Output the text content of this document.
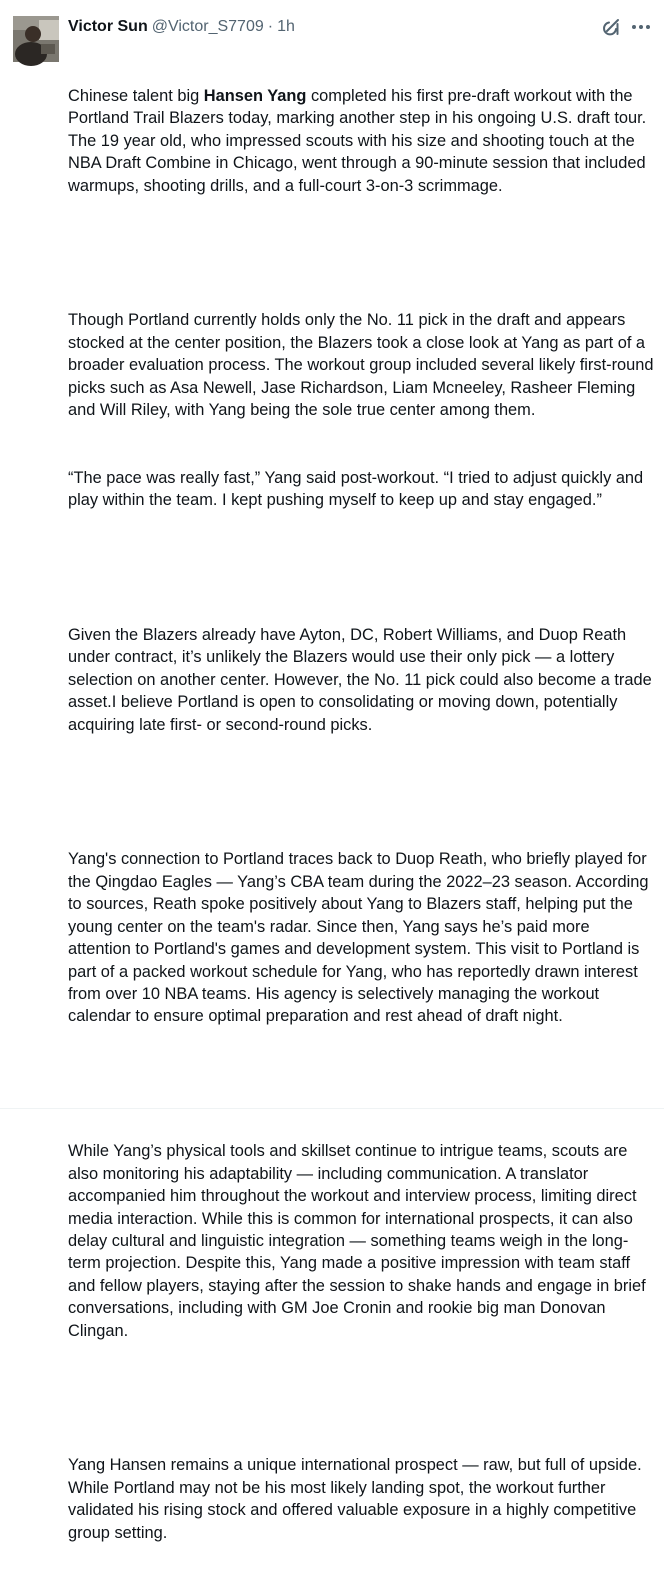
Victor Sun @Victor_S7709 · 1h

Chinese talent big Hansen Yang completed his first pre-draft workout with the Portland Trail Blazers today, marking another step in his ongoing U.S. draft tour. The 19 year old, who impressed scouts with his size and shooting touch at the NBA Draft Combine in Chicago, went through a 90-minute session that included warmups, shooting drills, and a full-court 3-on-3 scrimmage.

Though Portland currently holds only the No. 11 pick in the draft and appears stocked at the center position, the Blazers took a close look at Yang as part of a broader evaluation process. The workout group included several likely first-round picks such as Asa Newell, Jase Richardson, Liam Mcneeley, Rasheer Fleming and Will Riley, with Yang being the sole true center among them.

“The pace was really fast,” Yang said post-workout. “I tried to adjust quickly and play within the team. I kept pushing myself to keep up and stay engaged.”

Given the Blazers already have Ayton, DC, Robert Williams, and Duop Reath under contract, it’s unlikely the Blazers would use their only pick — a lottery selection on another center. However, the No. 11 pick could also become a trade asset.I believe Portland is open to consolidating or moving down, potentially acquiring late first- or second-round picks.

Yang's connection to Portland traces back to Duop Reath, who briefly played for the Qingdao Eagles — Yang’s CBA team during the 2022–23 season. According to sources, Reath spoke positively about Yang to Blazers staff, helping put the young center on the team's radar. Since then, Yang says he’s paid more attention to Portland's games and development system. This visit to Portland is part of a packed workout schedule for Yang, who has reportedly drawn interest from over 10 NBA teams. His agency is selectively managing the workout calendar to ensure optimal preparation and rest ahead of draft night.

While Yang’s physical tools and skillset continue to intrigue teams, scouts are also monitoring his adaptability — including communication. A translator accompanied him throughout the workout and interview process, limiting direct media interaction. While this is common for international prospects, it can also delay cultural and linguistic integration — something teams weigh in the long-term projection. Despite this, Yang made a positive impression with team staff and fellow players, staying after the session to shake hands and engage in brief conversations, including with GM Joe Cronin and rookie big man Donovan Clingan.

Yang Hansen remains a unique international prospect — raw, but full of upside. While Portland may not be his most likely landing spot, the workout further validated his rising stock and offered valuable exposure in a highly competitive group setting.
